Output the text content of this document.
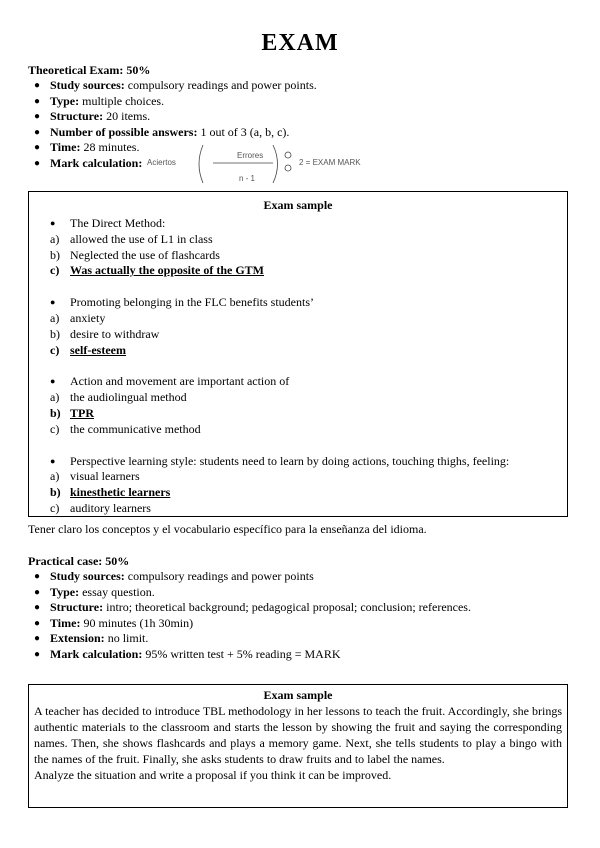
EXAM
Theoretical Exam: 50%
● Study sources: compulsory readings and power points.
● Type: multiple choices.
● Structure: 20 items.
● Number of possible answers: 1 out of 3 (a, b, c).
● Time: 28 minutes.
● Mark calculation: Aciertos
Errores
n - 1
2 = EXAM MARK
Exam sample
●	The Direct Method:
a) allowed the use of L1 in class
b) Neglected the use of flashcards
c) Was actually the opposite of the GTM
●	Promoting belonging in the FLC benefits students’
a) anxiety
b) desire to withdraw
c) self-esteem
●	Action and movement are important action of
a) the audiolingual method
b) TPR
c) the communicative method
●	Perspective learning style: students need to learn by doing actions, touching thighs, feeling:
a) visual learners
b) kinesthetic learners
c) auditory learners
Tener claro los conceptos y el vocabulario específico para la enseñanza del idioma.
Practical case: 50%
● Study sources: compulsory readings and power points
● Type: essay question.
● Structure: intro; theoretical background; pedagogical proposal; conclusion; references.
● Time: 90 minutes (1h 30min)
● Extension: no limit.
● Mark calculation: 95% written test + 5% reading = MARK
Exam sample
A teacher has decided to introduce TBL methodology in her lessons to teach the fruit. Accordingly, she brings authentic materials to the classroom and starts the lesson by showing the fruit and saying the corresponding names. Then, she shows flashcards and plays a memory game. Next, she tells students to play a bingo with the names of the fruit. Finally, she asks students to draw fruits and to label the names.
Analyze the situation and write a proposal if you think it can be improved.
